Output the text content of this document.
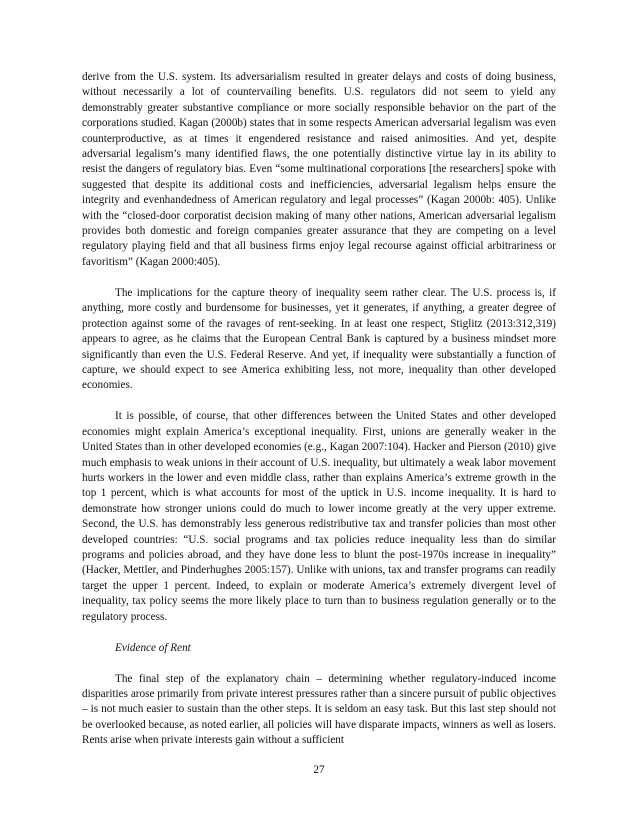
derive from the U.S. system. Its adversarialism resulted in greater delays and costs of doing business, without necessarily a lot of countervailing benefits. U.S. regulators did not seem to yield any demonstrably greater substantive compliance or more socially responsible behavior on the part of the corporations studied. Kagan (2000b) states that in some respects American adversarial legalism was even counterproductive, as at times it engendered resistance and raised animosities. And yet, despite adversarial legalism’s many identified flaws, the one potentially distinctive virtue lay in its ability to resist the dangers of regulatory bias. Even “some multinational corporations [the researchers] spoke with suggested that despite its additional costs and inefficiencies, adversarial legalism helps ensure the integrity and evenhandedness of American regulatory and legal processes” (Kagan 2000b: 405). Unlike with the “closed-door corporatist decision making of many other nations, American adversarial legalism provides both domestic and foreign companies greater assurance that they are competing on a level regulatory playing field and that all business firms enjoy legal recourse against official arbitrariness or favoritism” (Kagan 2000:405).

The implications for the capture theory of inequality seem rather clear. The U.S. process is, if anything, more costly and burdensome for businesses, yet it generates, if anything, a greater degree of protection against some of the ravages of rent-seeking. In at least one respect, Stiglitz (2013:312,319) appears to agree, as he claims that the European Central Bank is captured by a business mindset more significantly than even the U.S. Federal Reserve. And yet, if inequality were substantially a function of capture, we should expect to see America exhibiting less, not more, inequality than other developed economies.

It is possible, of course, that other differences between the United States and other developed economies might explain America’s exceptional inequality. First, unions are generally weaker in the United States than in other developed economies (e.g., Kagan 2007:104). Hacker and Pierson (2010) give much emphasis to weak unions in their account of U.S. inequality, but ultimately a weak labor movement hurts workers in the lower and even middle class, rather than explains America’s extreme growth in the top 1 percent, which is what accounts for most of the uptick in U.S. income inequality. It is hard to demonstrate how stronger unions could do much to lower income greatly at the very upper extreme. Second, the U.S. has demonstrably less generous redistributive tax and transfer policies than most other developed countries: “U.S. social programs and tax policies reduce inequality less than do similar programs and policies abroad, and they have done less to blunt the post-1970s increase in inequality” (Hacker, Mettler, and Pinderhughes 2005:157). Unlike with unions, tax and transfer programs can readily target the upper 1 percent. Indeed, to explain or moderate America’s extremely divergent level of inequality, tax policy seems the more likely place to turn than to business regulation generally or to the regulatory process.

Evidence of Rent

The final step of the explanatory chain – determining whether regulatory-induced income disparities arose primarily from private interest pressures rather than a sincere pursuit of public objectives – is not much easier to sustain than the other steps. It is seldom an easy task. But this last step should not be overlooked because, as noted earlier, all policies will have disparate impacts, winners as well as losers. Rents arise when private interests gain without a sufficient

27
